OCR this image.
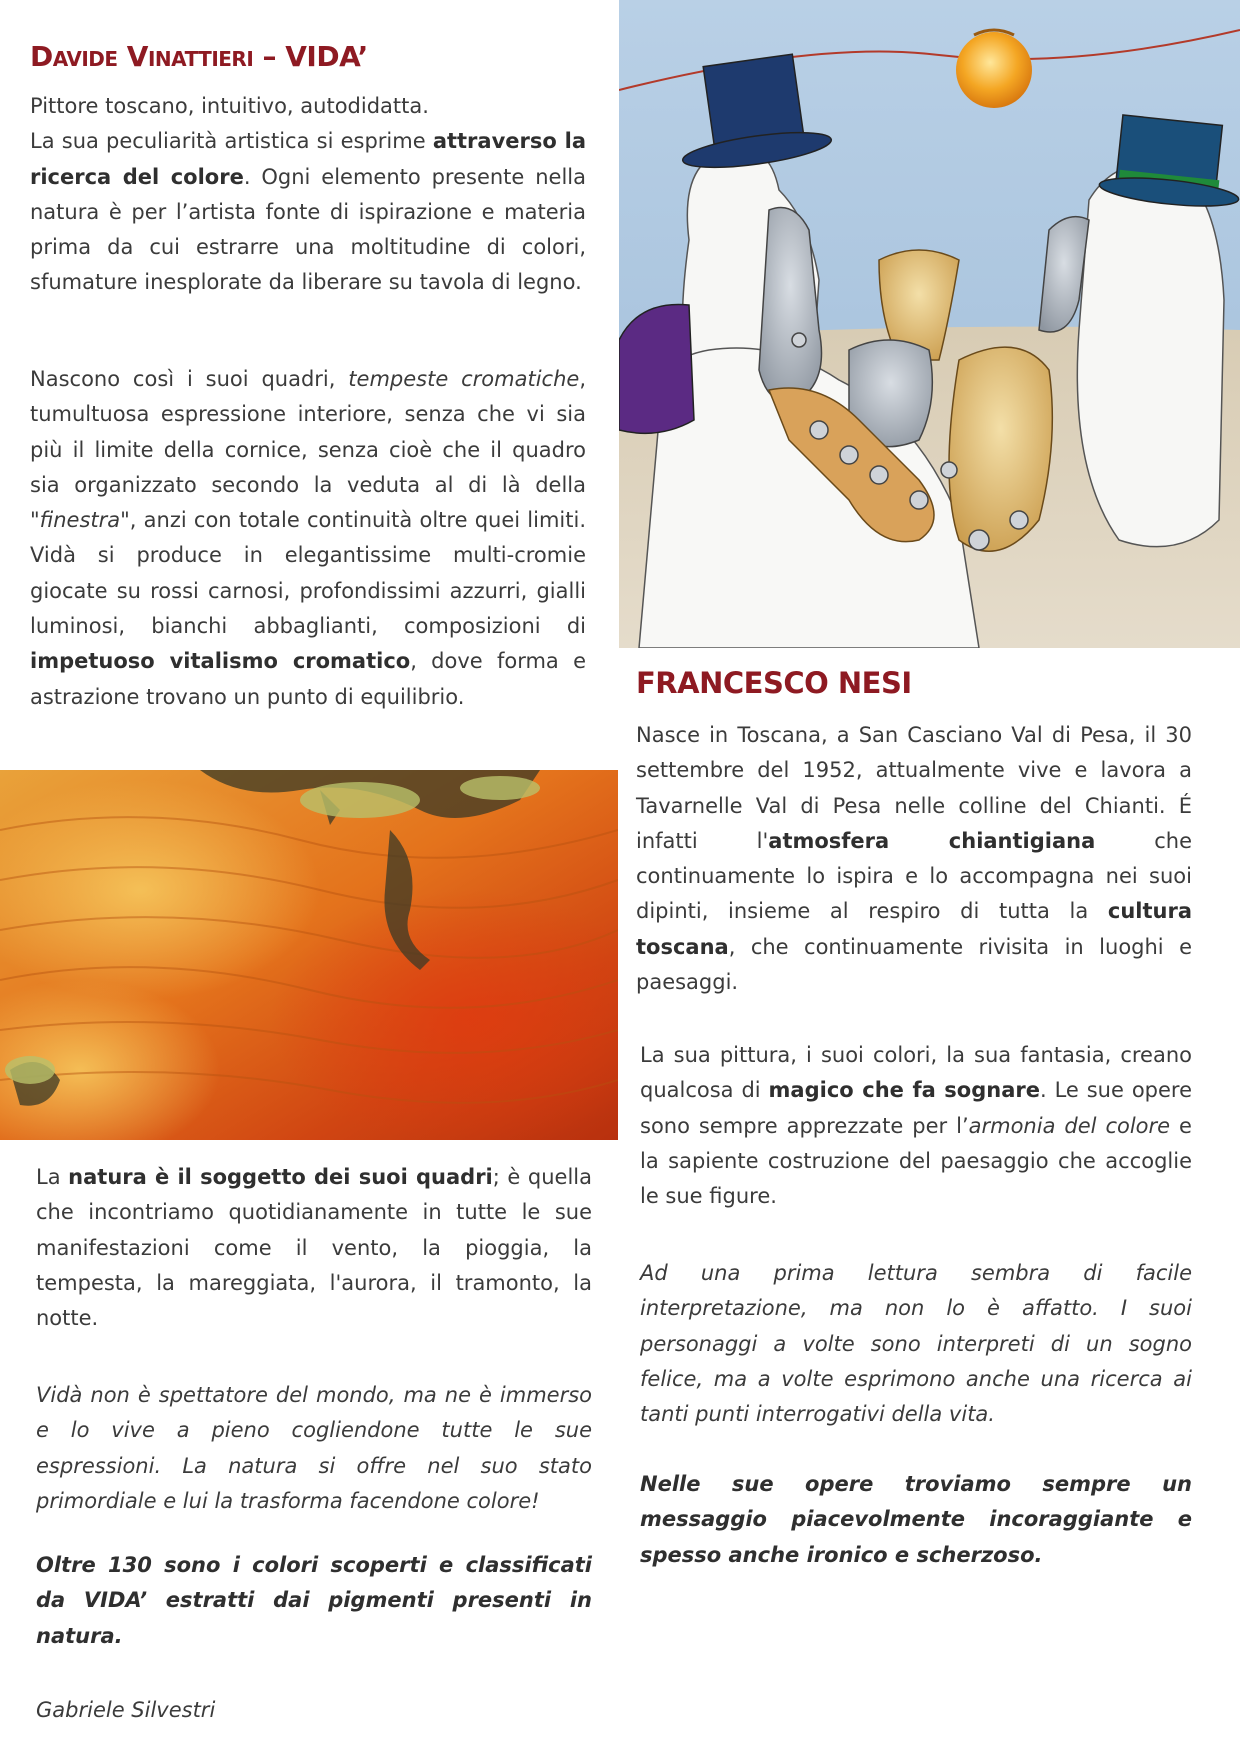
Davide Vinattieri – VIDA’

Pittore toscano, intuitivo, autodidatta.

La sua peculiarità artistica si esprime attraverso la ricerca del colore. Ogni elemento presente nella natura è per l’artista fonte di ispirazione e materia prima da cui estrarre una moltitudine di colori, sfumature inesplorate da liberare su tavola di legno.

Nascono così i suoi quadri, tempeste cromatiche, tumultuosa espressione interiore, senza che vi sia più il limite della cornice, senza cioè che il quadro sia organizzato secondo la veduta al di là della "finestra", anzi con totale continuità oltre quei limiti. Vidà si produce in elegantissime multi-cromie giocate su rossi carnosi, profondissimi azzurri, gialli luminosi, bianchi abbaglianti, composizioni di impetuoso vitalismo cromatico, dove forma e astrazione trovano un punto di equilibrio.

La natura è il soggetto dei suoi quadri; è quella che incontriamo quotidianamente in tutte le sue manifestazioni come il vento, la pioggia, la tempesta, la mareggiata, l'aurora, il tramonto, la notte.

Vidà non è spettatore del mondo, ma ne è immerso e lo vive a pieno cogliendone tutte le sue espressioni. La natura si offre nel suo stato primordiale e lui la trasforma facendone colore!

Oltre 130 sono i colori scoperti e classificati da VIDA’ estratti dai pigmenti presenti in natura.

Gabriele Silvestri

FRANCESCO NESI

Nasce in Toscana, a San Casciano Val di Pesa, il 30 settembre del 1952, attualmente vive e lavora a Tavarnelle Val di Pesa nelle colline del Chianti. É infatti l'atmosfera chiantigiana che continuamente lo ispira e lo accompagna nei suoi dipinti, insieme al respiro di tutta la cultura toscana, che continuamente rivisita in luoghi e paesaggi.

La sua pittura, i suoi colori, la sua fantasia, creano qualcosa di magico che fa sognare. Le sue opere sono sempre apprezzate per l’armonia del colore e la sapiente costruzione del paesaggio che accoglie le sue figure.

Ad una prima lettura sembra di facile interpretazione, ma non lo è affatto. I suoi personaggi a volte sono interpreti di un sogno felice, ma a volte esprimono anche una ricerca ai tanti punti interrogativi della vita.

Nelle sue opere troviamo sempre un messaggio piacevolmente incoraggiante e spesso anche ironico e scherzoso.
